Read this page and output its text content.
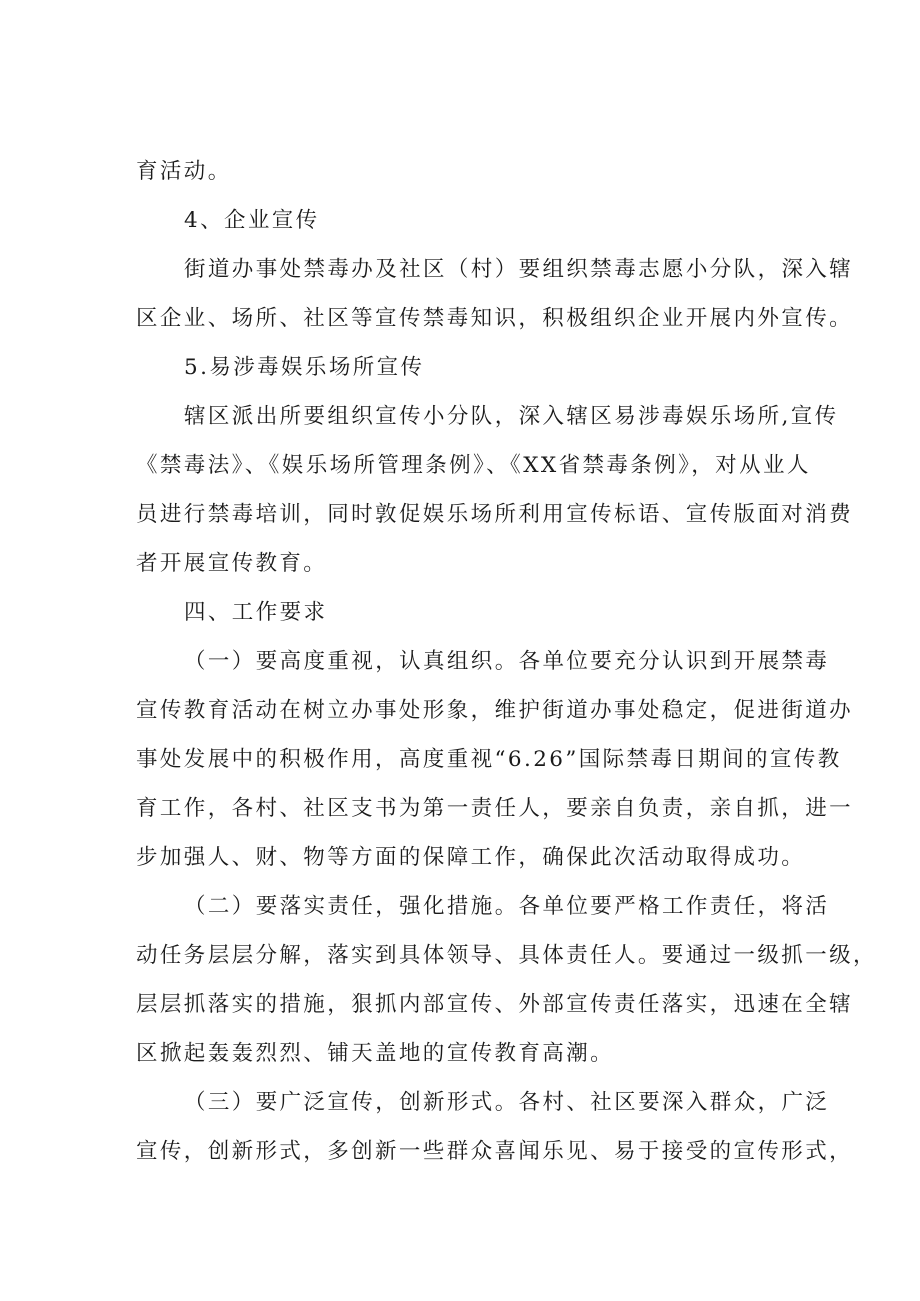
育活动。
4、企业宣传
街道办事处禁毒办及社区（村）要组织禁毒志愿小分队，深入辖
区企业、场所、社区等宣传禁毒知识，积极组织企业开展内外宣传。
5.易涉毒娱乐场所宣传
辖区派出所要组织宣传小分队，深入辖区易涉毒娱乐场所,宣传
《禁毒法》、《娱乐场所管理条例》、《XX省禁毒条例》，对从业人
员进行禁毒培训，同时敦促娱乐场所利用宣传标语、宣传版面对消费
者开展宣传教育。
四、工作要求
（一）要高度重视，认真组织。各单位要充分认识到开展禁毒
宣传教育活动在树立办事处形象，维护街道办事处稳定，促进街道办
事处发展中的积极作用，高度重视“6.26”国际禁毒日期间的宣传教
育工作，各村、社区支书为第一责任人，要亲自负责，亲自抓，进一
步加强人、财、物等方面的保障工作，确保此次活动取得成功。
（二）要落实责任，强化措施。各单位要严格工作责任，将活
动任务层层分解，落实到具体领导、具体责任人。要通过一级抓一级，
层层抓落实的措施，狠抓内部宣传、外部宣传责任落实，迅速在全辖
区掀起轰轰烈烈、铺天盖地的宣传教育高潮。
（三）要广泛宣传，创新形式。各村、社区要深入群众，广泛
宣传，创新形式，多创新一些群众喜闻乐见、易于接受的宣传形式，
